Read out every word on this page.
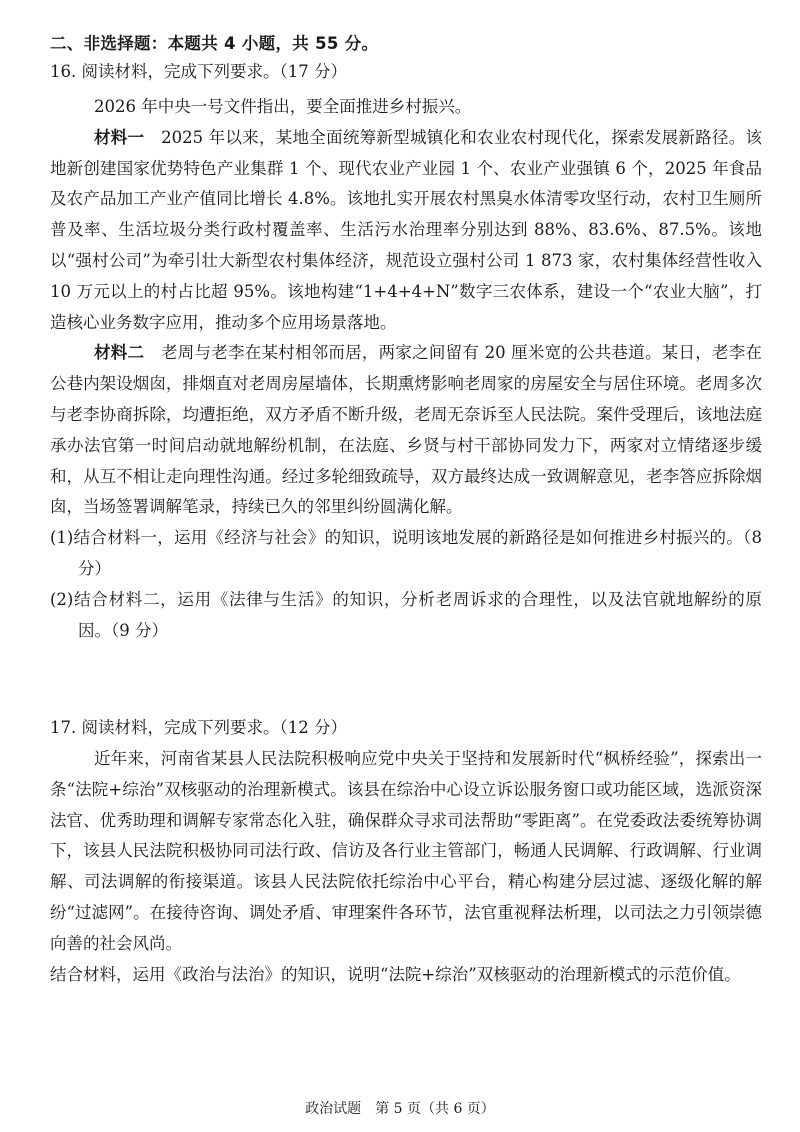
二、非选择题：本题共 4 小题，共 55 分。
16. 阅读材料，完成下列要求。（17 分）

2026 年中央一号文件指出，要全面推进乡村振兴。

材料一　 2025 年以来，某地全面统筹新型城镇化和农业农村现代化，探索发展新路径。该地新创建国家优势特色产业集群 1 个、现代农业产业园 1 个、农业产业强镇 6 个，2025 年食品及农产品加工产业产值同比增长 4.8%。该地扎实开展农村黑臭水体清零攻坚行动，农村卫生厕所普及率、生活垃圾分类行政村覆盖率、生活污水治理率分别达到 88%、83.6%、87.5%。该地以“强村公司”为牵引壮大新型农村集体经济，规范设立强村公司 1 873 家，农村集体经营性收入 10 万元以上的村占比超 95%。该地构建“1+4+4+N”数字三农体系，建设一个“农业大脑”，打造核心业务数字应用，推动多个应用场景落地。

材料二　 老周与老李在某村相邻而居，两家之间留有 20 厘米宽的公共巷道。某日，老李在公巷内架设烟囱，排烟直对老周房屋墙体，长期熏烤影响老周家的房屋安全与居住环境。老周多次与老李协商拆除，均遭拒绝，双方矛盾不断升级，老周无奈诉至人民法院。案件受理后，该地法庭承办法官第一时间启动就地解纷机制，在法庭、乡贤与村干部协同发力下，两家对立情绪逐步缓和，从互不相让走向理性沟通。经过多轮细致疏导，双方最终达成一致调解意见，老李答应拆除烟囱，当场签署调解笔录，持续已久的邻里纠纷圆满化解。

(1)结合材料一，运用《经济与社会》的知识，说明该地发展的新路径是如何推进乡村振兴的。（8 分）

(2)结合材料二，运用《法律与生活》的知识，分析老周诉求的合理性，以及法官就地解纷的原因。（9 分）

17. 阅读材料，完成下列要求。（12 分）

近年来，河南省某县人民法院积极响应党中央关于坚持和发展新时代“枫桥经验”，探索出一条“法院+综治”双核驱动的治理新模式。该县在综治中心设立诉讼服务窗口或功能区域，选派资深法官、优秀助理和调解专家常态化入驻，确保群众寻求司法帮助“零距离”。在党委政法委统筹协调下，该县人民法院积极协同司法行政、信访及各行业主管部门，畅通人民调解、行政调解、行业调解、司法调解的衔接渠道。该县人民法院依托综治中心平台，精心构建分层过滤、逐级化解的解纷“过滤网”。在接待咨询、调处矛盾、审理案件各环节，法官重视释法析理，以司法之力引领崇德向善的社会风尚。

结合材料，运用《政治与法治》的知识，说明“法院+综治”双核驱动的治理新模式的示范价值。

政治试题　第 5 页（共 6 页）
